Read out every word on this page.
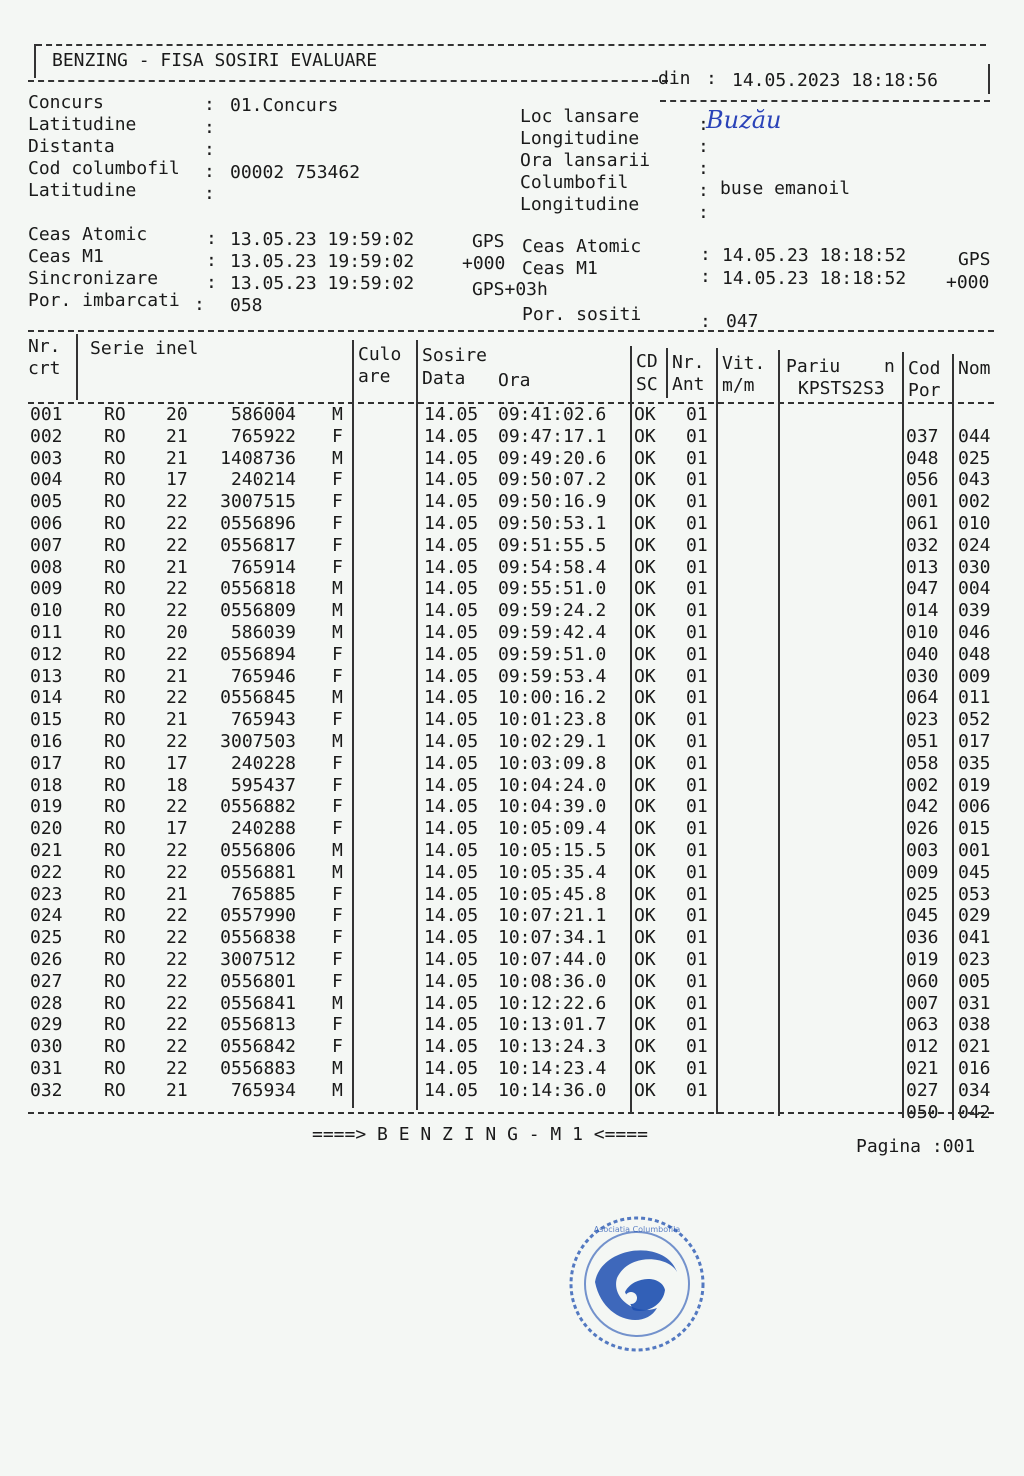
BENZING - FISA SOSIRI EVALUARE
din : 14.05.2023 18:18:56
Concurs	: 01.Concurs
Latitudine	:
Distanta	:
Cod columbofil : 00002 753462
Latitudine	:
Loc lansare	:
Buzău
Longitudine	:
Ora lansarii	:
Columbofil	: buse emanoil
Longitudine	:
Ceas Atomic	: 13.05.23 19:59:02	GPS
Ceas M1	: 13.05.23 19:59:02	+000
Sincronizare	: 13.05.23 19:59:02	GPS+03h
Por. imbarcati : 058
Ceas Atomic	: 14.05.23 18:18:52	GPS
Ceas M1	: 14.05.23 18:18:52 +000
Por. sositi	: 047
Nr.
crt
Serie inel	Culo
are
Sosire
Data Ora
CD
SC
Nr.
Ant
Vit.
m/m
Pariu n
KPSTS2S3
Cod
Por
Nom
001 RO 20	586004 M	14.05 09:41:02.6 OK 01
002 RO 21	765922 F	14.05 09:47:17.1 OK 01	037 044
003 RO 21	1408736 M	14.05 09:49:20.6 OK 01	048 025
004 RO 17	240214 F	14.05 09:50:07.2 OK 01	056 043
005 RO 22	3007515 F	14.05 09:50:16.9 OK 01	001 002
006 RO 22	0556896 F	14.05 09:50:53.1 OK 01	061 010
007 RO 22	0556817 F	14.05 09:51:55.5 OK 01	032 024
008 RO 21	765914 F	14.05 09:54:58.4 OK 01	013 030
009 RO 22	0556818 M	14.05 09:55:51.0 OK 01	047 004
010 RO 22	0556809 M	14.05 09:59:24.2 OK 01	014 039
011 RO 20	586039 M	14.05 09:59:42.4 OK 01	010 046
012 RO 22	0556894 F	14.05 09:59:51.0 OK 01	040 048
013 RO 21	765946 F	14.05 09:59:53.4 OK 01	030 009
014 RO 22	0556845 M	14.05 10:00:16.2 OK 01	064 011
015 RO 21	765943 F	14.05 10:01:23.8 OK 01	023 052
016 RO 22	3007503 M	14.05 10:02:29.1 OK 01	051 017
017 RO 17	240228 F	14.05 10:03:09.8 OK 01	058 035
018 RO 18	595437 F	14.05 10:04:24.0 OK 01	002 019
019 RO 22	0556882 F	14.05 10:04:39.0 OK 01	042 006
020 RO 17	240288 F	14.05 10:05:09.4 OK 01	026 015
021 RO 22	0556806 M	14.05 10:05:15.5 OK 01	003 001
022 RO 22	0556881 M	14.05 10:05:35.4 OK 01	009 045
023 RO 21	765885 F	14.05 10:05:45.8 OK 01	025 053
024 RO 22	0557990 F	14.05 10:07:21.1 OK 01	045 029
025 RO 22	0556838 F	14.05 10:07:34.1 OK 01	036 041
026 RO 22	3007512 F	14.05 10:07:44.0 OK 01	019 023
027 RO 22	0556801 F	14.05 10:08:36.0 OK 01	060 005
028 RO 22	0556841 M	14.05 10:12:22.6 OK 01	007 031
029 RO 22	0556813 F	14.05 10:13:01.7 OK 01	063 038
030 RO 22	0556842 F	14.05 10:13:24.3 OK 01	012 021
031 RO 22	0556883 M	14.05 10:14:23.4 OK 01	021 016
032 RO 21	765934 M	14.05 10:14:36.0 OK 01	027 034
050 042
====> B E N Z I N G - M 1 <====
Pagina :001
Asociatia Columbofila
